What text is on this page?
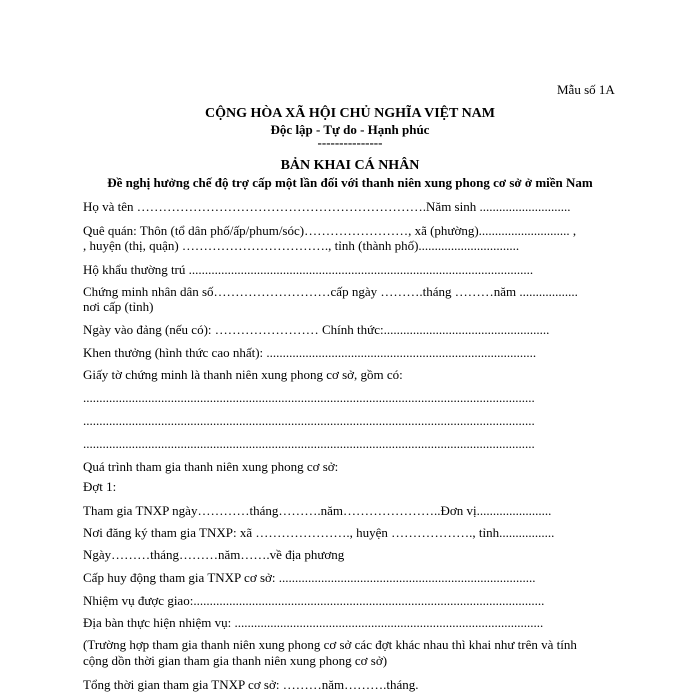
Mẫu số 1A
CỘNG HÒA XÃ HỘI CHỦ NGHĨA VIỆT NAM
Độc lập - Tự do - Hạnh phúc
---------------
BẢN KHAI CÁ NHÂN
Đề nghị hưởng chế độ trợ cấp một lần đối với thanh niên xung phong cơ sở ở miền Nam
Họ và tên ………………………………………………………….Năm sinh ............................
Quê quán: Thôn (tổ dân phố/ấp/phum/sóc)……………………, xã (phường)............................ ,
, huyện (thị, quận) ……………………………., tỉnh (thành phố)...............................
Hộ khẩu thường trú ..........................................................................................................
Chứng minh nhân dân số………………………cấp ngày ……….tháng ………năm ..................
nơi cấp (tỉnh)
Ngày vào đảng (nếu có): …………………… Chính thức:...................................................
Khen thưởng (hình thức cao nhất): ...................................................................................
Giấy tờ chứng minh là thanh niên xung phong cơ sở, gồm có:
...........................................................................................................................................
...........................................................................................................................................
...........................................................................................................................................
Quá trình tham gia thanh niên xung phong cơ sở:
Đợt 1:
Tham gia TNXP ngày…………tháng……….năm…………………..Đơn vị.......................
Nơi đăng ký tham gia TNXP: xã …………………., huyện ………………., tỉnh.................
Ngày………tháng………năm…….về địa phương
Cấp huy động tham gia TNXP cơ sở: ...............................................................................
Nhiệm vụ được giao:............................................................................................................
Địa bàn thực hiện nhiệm vụ: ...............................................................................................
(Trường hợp tham gia thanh niên xung phong cơ sở các đợt khác nhau thì khai như trên và tính
cộng dồn thời gian tham gia thanh niên xung phong cơ sở)
Tổng thời gian tham gia TNXP cơ sở: ………năm……….tháng.
